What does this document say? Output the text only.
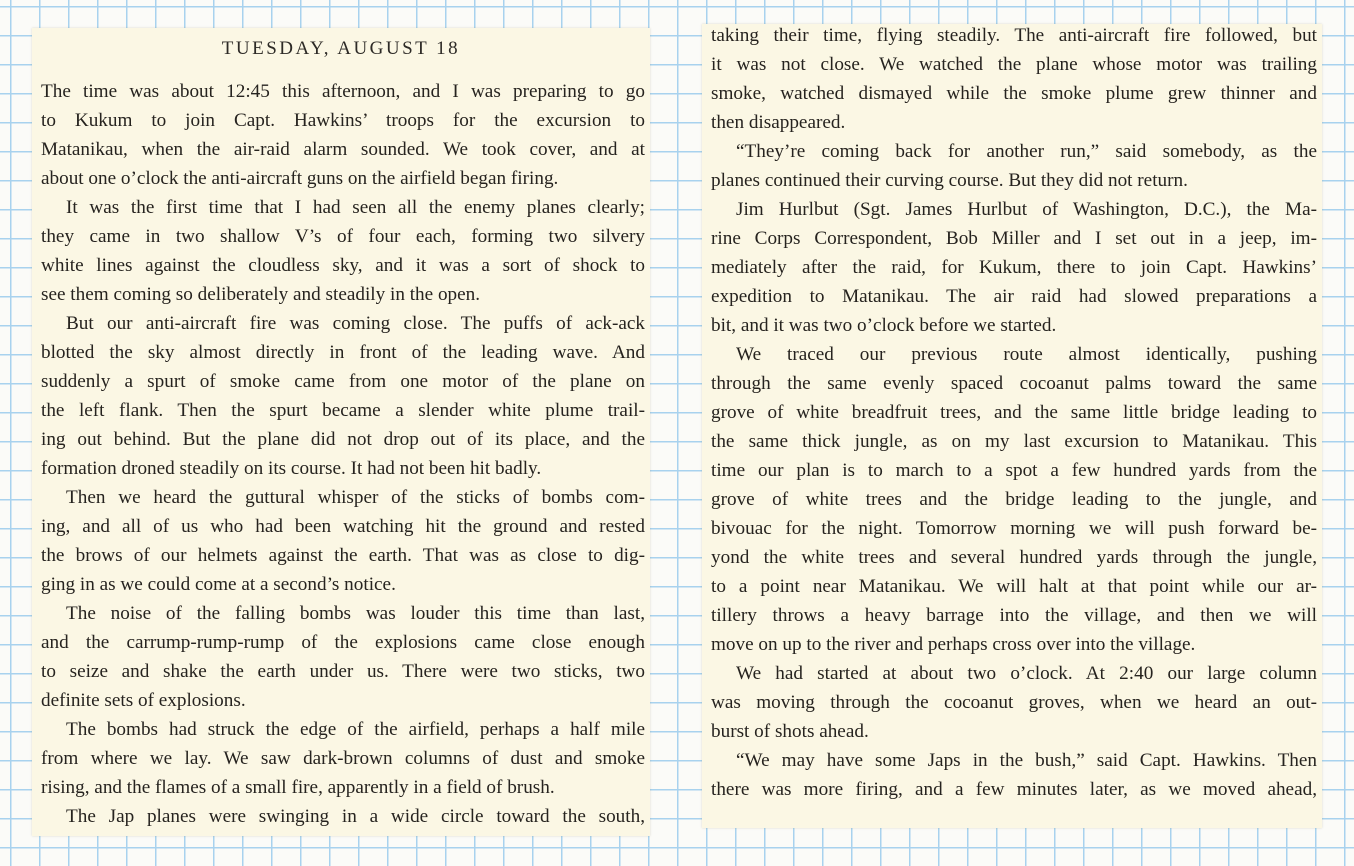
TUESDAY, AUGUST 18
The time was about 12:45 this afternoon, and I was preparing to go
to Kukum to join Capt. Hawkins’ troops for the excursion to
Matanikau, when the air-raid alarm sounded. We took cover, and at
about one o’clock the anti-aircraft guns on the airfield began firing.
It was the first time that I had seen all the enemy planes clearly;
they came in two shallow V’s of four each, forming two silvery
white lines against the cloudless sky, and it was a sort of shock to
see them coming so deliberately and steadily in the open.
But our anti-aircraft fire was coming close. The puffs of ack-ack
blotted the sky almost directly in front of the leading wave. And
suddenly a spurt of smoke came from one motor of the plane on
the left flank. Then the spurt became a slender white plume trail-
ing out behind. But the plane did not drop out of its place, and the
formation droned steadily on its course. It had not been hit badly.
Then we heard the guttural whisper of the sticks of bombs com-
ing, and all of us who had been watching hit the ground and rested
the brows of our helmets against the earth. That was as close to dig-
ging in as we could come at a second’s notice.
The noise of the falling bombs was louder this time than last,
and the carrump-rump-rump of the explosions came close enough
to seize and shake the earth under us. There were two sticks, two
definite sets of explosions.
The bombs had struck the edge of the airfield, perhaps a half mile
from where we lay. We saw dark-brown columns of dust and smoke
rising, and the flames of a small fire, apparently in a field of brush.
The Jap planes were swinging in a wide circle toward the south,
taking their time, flying steadily. The anti-aircraft fire followed, but
it was not close. We watched the plane whose motor was trailing
smoke, watched dismayed while the smoke plume grew thinner and
then disappeared.
“They’re coming back for another run,” said somebody, as the
planes continued their curving course. But they did not return.
Jim Hurlbut (Sgt. James Hurlbut of Washington, D.C.), the Ma-
rine Corps Correspondent, Bob Miller and I set out in a jeep, im-
mediately after the raid, for Kukum, there to join Capt. Hawkins’
expedition to Matanikau. The air raid had slowed preparations a
bit, and it was two o’clock before we started.
We traced our previous route almost identically, pushing
through the same evenly spaced cocoanut palms toward the same
grove of white breadfruit trees, and the same little bridge leading to
the same thick jungle, as on my last excursion to Matanikau. This
time our plan is to march to a spot a few hundred yards from the
grove of white trees and the bridge leading to the jungle, and
bivouac for the night. Tomorrow morning we will push forward be-
yond the white trees and several hundred yards through the jungle,
to a point near Matanikau. We will halt at that point while our ar-
tillery throws a heavy barrage into the village, and then we will
move on up to the river and perhaps cross over into the village.
We had started at about two o’clock. At 2:40 our large column
was moving through the cocoanut groves, when we heard an out-
burst of shots ahead.
“We may have some Japs in the bush,” said Capt. Hawkins. Then
there was more firing, and a few minutes later, as we moved ahead,
